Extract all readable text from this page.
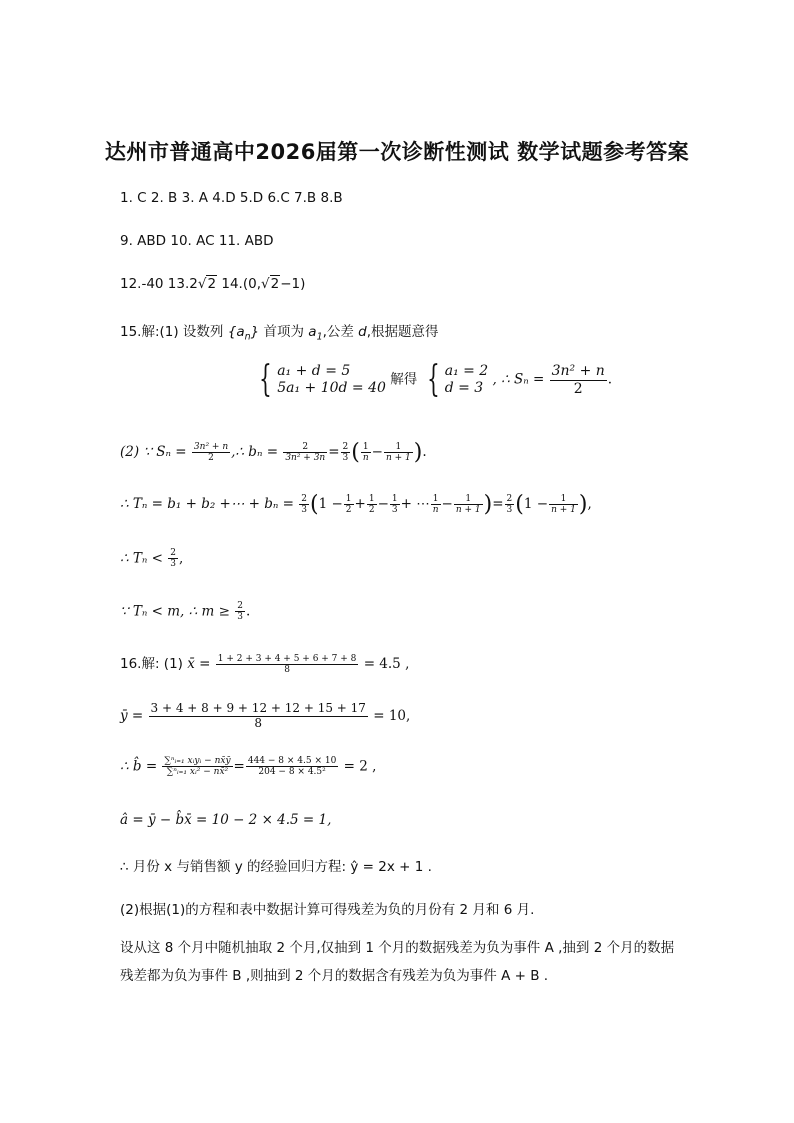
达州市普通高中2026届第一次诊断性测试 数学试题参考答案
1. C 2. B 3. A 4.D 5.D 6.C 7.B 8.B
9. ABD 10. AC 11. ABD
12.-40 13.2√2 14.(0,√2−1)
15.解:(1) 设数列 $\{a_n\}$ 首项为 $a_1$,公差 d,根据题意得
{ a₁ + d = 5
5a₁ + 10d = 40
解得 { a₁ = 2
d = 3
, ∴ $S_n = \frac{\text{3n² + n}}{2}$ .
(2) ∵ $S_n = \frac{\text{3n² + n}}{2}$ ,∴ $b_n = \frac{2}{\text{3n² + 3n}} = \frac{2}{3}$ ( $\frac{1}{n} - \frac{1}{n + 1}$ ).
∴ Tₙ = b₁ + b₂ +⋯ + $b_n = \frac{2}{3} (1 - \frac{1}{2} + \frac{1}{2} - \frac{1}{3}$ + ⋯ $\frac{1}{n} - \frac{1}{n + 1}$ )= $\frac{2}{3} (1 - \frac{1}{n + 1}$ ),
∴ $T_n < \frac{2}{3}$ ,
∵ Tₙ < m, ∴ $m \ge \frac{2}{3}$ .
16.解: (1) x̄ = $\frac{1 + 2 + 3 + 4 + 5 + 6 + 7 + 8}{8} = 4.5$ ,
ȳ = $\frac{3 + 4 + 8 + 9 + 12 + 12 + 15 + 17}{8} = 10$,
∴ b̂ = $\frac{\text{∑ⁿᵢ₌₁ xᵢyᵢ − nx̄ȳ}}{\text{∑ⁿᵢ₌₁ xᵢ² − nx̄²}} = \frac{444 - 8 \times 4.5 \times 10}{\text{204 − 8 × 4.5²}} = 2$ ,
â = ȳ − b̂x̄ = 10 − 2 × 4.5 = 1,
∴ 月份 x 与销售额 y 的经验回归方程: ŷ = 2x + 1 .
(2)根据(1)的方程和表中数据计算可得残差为负的月份有 2 月和 6 月.
设从这 8 个月中随机抽取 2 个月,仅抽到 1 个月的数据残差为负为事件 A ,抽到 2 个月的数据残差都为负为事件 B ,则抽到 2 个月的数据含有残差为负为事件 A + B .
